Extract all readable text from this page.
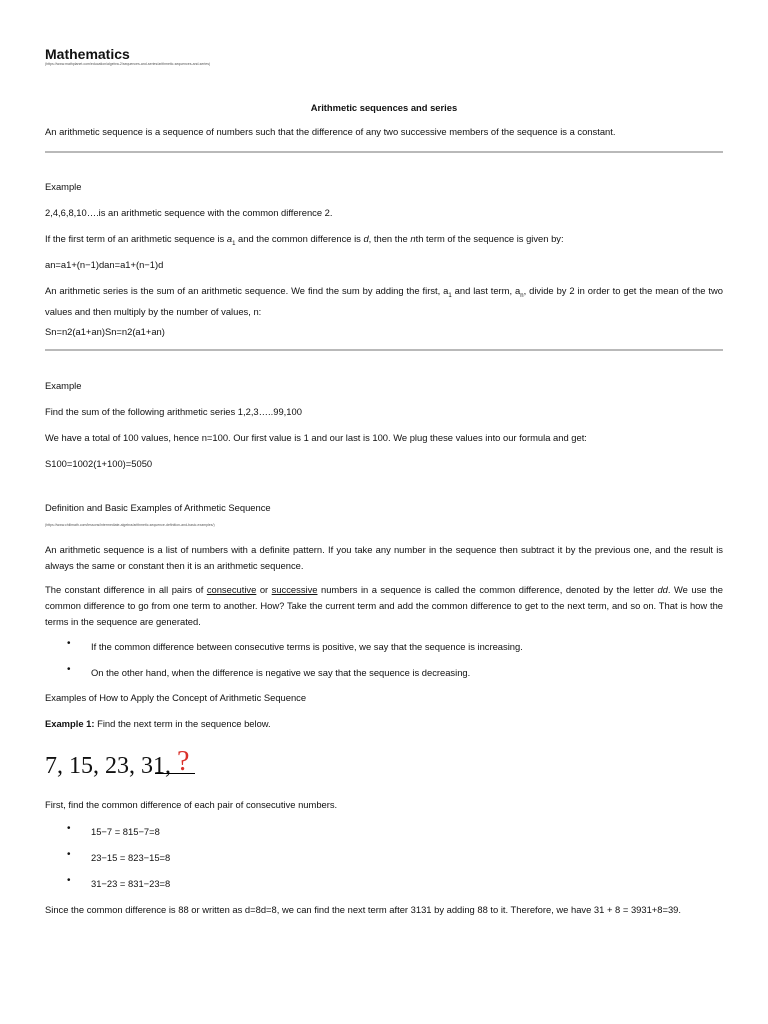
Mathematics
(https://www.mathplanet.com/education/algebra-2/sequences-and-series/arithmetic-sequences-and-series)
Arithmetic sequences and series
An arithmetic sequence is a sequence of numbers such that the difference of any two successive members of the sequence is a constant.
Example
2,4,6,8,10….is an arithmetic sequence with the common difference 2.
If the first term of an arithmetic sequence is $a_1$ and the common difference is d, then the nth term of the sequence is given by:
an=a1+(n−1)dan=a1+(n−1)d
An arithmetic series is the sum of an arithmetic sequence. We find the sum by adding the first, $a_1$ and last term, $a_n$, divide by 2 in order to get the mean of the two values and then multiply by the number of values, n:
Sn=n2(a1+an)Sn=n2(a1+an)
Example
Find the sum of the following arithmetic series 1,2,3…..99,100
We have a total of 100 values, hence n=100. Our first value is 1 and our last is 100. We plug these values into our formula and get:
S100=1002(1+100)=5050
Definition and Basic Examples of Arithmetic Sequence
(https://www.chilimath.com/lessons/intermediate-algebra/arithmetic-sequence-definition-and-basic-examples/)
An arithmetic sequence is a list of numbers with a definite pattern. If you take any number in the sequence then subtract it by the previous one, and the result is always the same or constant then it is an arithmetic sequence.
The constant difference in all pairs of consecutive or successive numbers in a sequence is called the common difference, denoted by the letter dd. We use the common difference to go from one term to another. How? Take the current term and add the common difference to get to the next term, and so on. That is how the terms in the sequence are generated.
• If the common difference between consecutive terms is positive, we say that the sequence is increasing.
• On the other hand, when the difference is negative we say that the sequence is decreasing.
Examples of How to Apply the Concept of Arithmetic Sequence
Example 1: Find the next term in the sequence below.
7, 15, 23, 31, ?
First, find the common difference of each pair of consecutive numbers.
• 15−7 = 815−7=8
• 23−15 = 823−15=8
• 31−23 = 831−23=8
Since the common difference is 88 or written as d=8d=8, we can find the next term after 3131 by adding 88 to it. Therefore, we have 31 + 8 = 3931+8=39.
